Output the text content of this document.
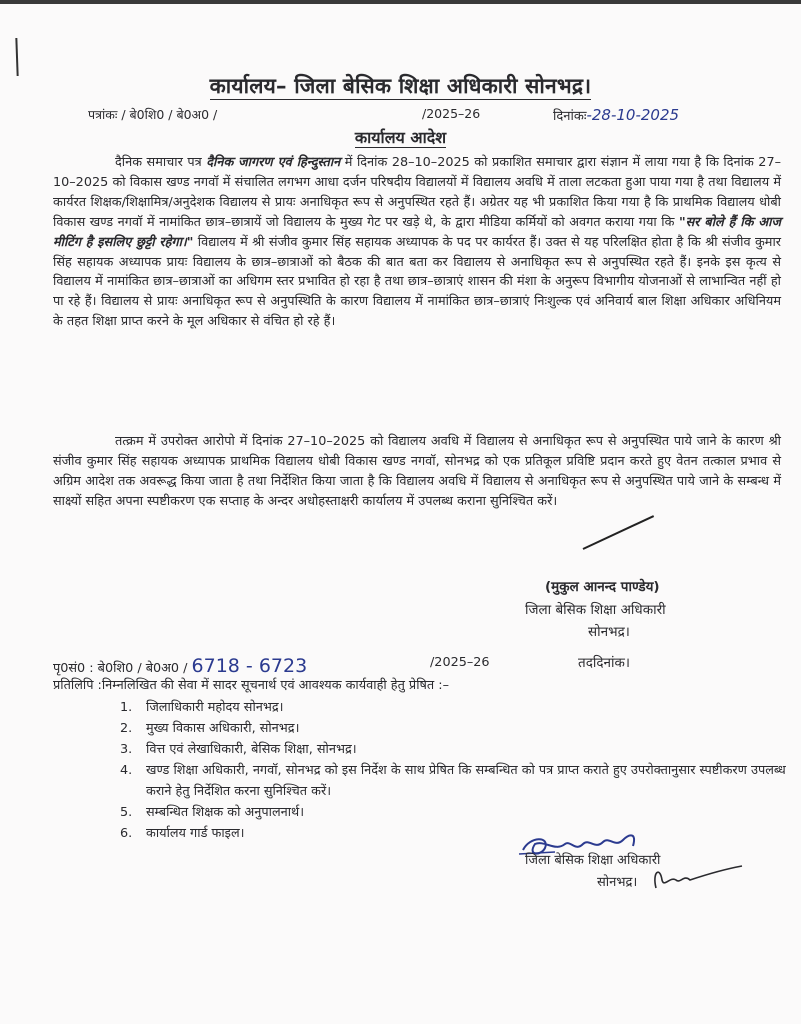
कार्यालय– जिला बेसिक शिक्षा अधिकारी सोनभद्र।
पत्रांकः / बे0शि0 / बे0अ0 /	/2025–26	दिनांकः-28-10-2025
कार्यालय आदेश
दैनिक समाचार पत्र दैनिक जागरण एवं हिन्दुस्तान में दिनांक 28–10–2025 को प्रकाशित समाचार द्वारा संज्ञान में लाया गया है कि दिनांक 27–10–2025 को विकास खण्ड नगवॉ में संचालित लगभग आधा दर्जन परिषदीय विद्यालयों में विद्यालय अवधि में ताला लटकता हुआ पाया गया है तथा विद्यालय में कार्यरत शिक्षक/शिक्षामित्र/अनुदेशक विद्यालय से प्रायः अनाधिकृत रूप से अनुपस्थित रहते हैं। अग्रेतर यह भी प्रकाशित किया गया है कि प्राथमिक विद्यालय धोबी विकास खण्ड नगवॉ में नामांकित छात्र–छात्रायें जो विद्यालय के मुख्य गेट पर खड़े थे, के द्वारा मीडिया कर्मियों को अवगत कराया गया कि "सर बोले हैं कि आज मीटिंग है इसलिए छुट्टी रहेगा।" विद्यालय में श्री संजीव कुमार सिंह सहायक अध्यापक के पद पर कार्यरत हैं। उक्त से यह परिलक्षित होता है कि श्री संजीव कुमार सिंह सहायक अध्यापक प्रायः विद्यालय के छात्र–छात्राओं को बैठक की बात बता कर विद्यालय से अनाधिकृत रूप से अनुपस्थित रहते हैं। इनके इस कृत्य से विद्यालय में नामांकित छात्र–छात्राओं का अधिगम स्तर प्रभावित हो रहा है तथा छात्र–छात्राएं शासन की मंशा के अनुरूप विभागीय योजनाओं से लाभान्वित नहीं हो पा रहे हैं। विद्यालय से प्रायः अनाधिकृत रूप से अनुपस्थिति के कारण विद्यालय में नामांकित छात्र–छात्राएं निःशुल्क एवं अनिवार्य बाल शिक्षा अधिकार अधिनियम के तहत शिक्षा प्राप्त करने के मूल अधिकार से वंचित हो रहे हैं।
तत्क्रम में उपरोक्त आरोपो में दिनांक 27–10–2025 को विद्यालय अवधि में विद्यालय से अनाधिकृत रूप से अनुपस्थित पाये जाने के कारण श्री संजीव कुमार सिंह सहायक अध्यापक प्राथमिक विद्यालय धोबी विकास खण्ड नगवॉ, सोनभद्र को एक प्रतिकूल प्रविष्टि प्रदान करते हुए वेतन तत्काल प्रभाव से अग्रिम आदेश तक अवरूद्ध किया जाता है तथा निर्देशित किया जाता है कि विद्यालय अवधि में विद्यालय से अनाधिकृत रूप से अनुपस्थित पाये जाने के सम्बन्ध में साक्ष्यों सहित अपना स्पष्टीकरण एक सप्ताह के अन्दर अधोहस्ताक्षरी कार्यालय में उपलब्ध कराना सुनिश्चित करें।
(मुकुल आनन्द पाण्डेय)
जिला बेसिक शिक्षा अधिकारी
सोनभद्र।
पृ0सं0 : बे0शि0 / बे0अ0 / 6718 - 6723	/2025–26	तददिनांक।
प्रतिलिपि :निम्नलिखित की सेवा में सादर सूचनार्थ एवं आवश्यक कार्यवाही हेतु प्रेषित :–
1. जिलाधिकारी महोदय सोनभद्र।
2. मुख्य विकास अधिकारी, सोनभद्र।
3. वित्त एवं लेखाधिकारी, बेसिक शिक्षा, सोनभद्र।
4. खण्ड शिक्षा अधिकारी, नगवॉ, सोनभद्र को इस निर्देश के साथ प्रेषित कि सम्बन्धित को पत्र प्राप्त कराते हुए उपरोक्तानुसार स्पष्टीकरण उपलब्ध कराने हेतु निर्देशित करना सुनिश्चित करें।
5. सम्बन्धित शिक्षक को अनुपालनार्थ।
6. कार्यालय गार्ड फाइल।
जिला बेसिक शिक्षा अधिकारी
सोनभद्र।
